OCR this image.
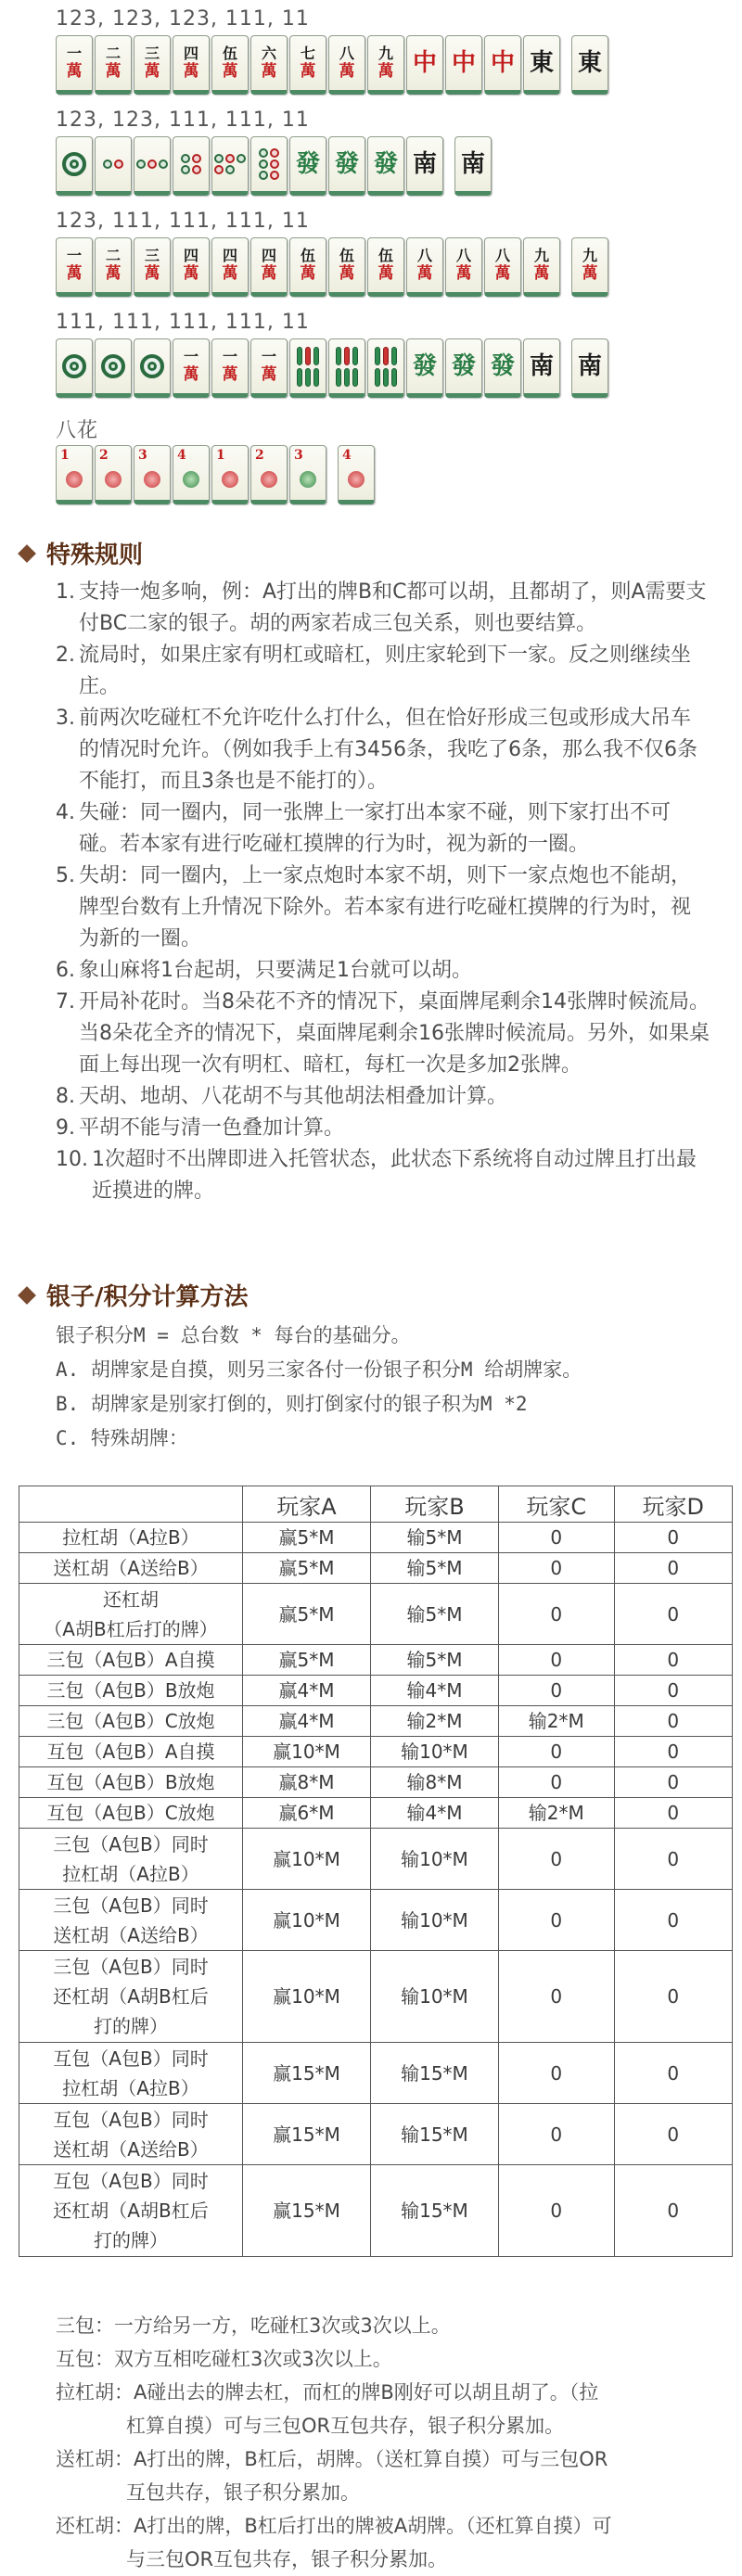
123, 123, 123, 111, 11
一
萬
二
萬
三
萬
四
萬
伍
萬
六
萬
七
萬
八
萬
九
萬 中 中 中 東 東
123, 123, 111, 111, 11
發 發 發 南 南
123, 111, 111, 111, 11
一
萬
二
萬
三
萬
四
萬
四
萬
四
萬
伍
萬
伍
萬
伍
萬
八
萬
八
萬
八
萬
九
萬
九
萬
111, 111, 111, 111, 11
一
萬
一
萬
一
萬	發 發 發 南 南
八花
1 2 3 4 1 2 3	4
特殊规则
1. 支持一炮多响，例：A打出的牌B和C都可以胡，且都胡了，则A需要支付BC二家的银子。胡的两家若成三包关系，则也要结算。
2. 流局时，如果庄家有明杠或暗杠，则庄家轮到下一家。反之则继续坐庄。
3. 前两次吃碰杠不允许吃什么打什么，但在恰好形成三包或形成大吊车的情况时允许。（例如我手上有3456条，我吃了6条，那么我不仅6条不能打，而且3条也是不能打的）。
4. 失碰：同一圈内，同一张牌上一家打出本家不碰，则下家打出不可碰。若本家有进行吃碰杠摸牌的行为时，视为新的一圈。
5. 失胡：同一圈内，上一家点炮时本家不胡，则下一家点炮也不能胡，牌型台数有上升情况下除外。若本家有进行吃碰杠摸牌的行为时，视为新的一圈。
6. 象山麻将1台起胡，只要满足1台就可以胡。
7. 开局补花时。当8朵花不齐的情况下，桌面牌尾剩余14张牌时候流局。当8朵花全齐的情况下，桌面牌尾剩余16张牌时候流局。另外，如果桌面上每出现一次有明杠、暗杠，每杠一次是多加2张牌。
8. 天胡、地胡、八花胡不与其他胡法相叠加计算。
9. 平胡不能与清一色叠加计算。
10. 1次超时不出牌即进入托管状态，此状态下系统将自动过牌且打出最近摸进的牌。
银子/积分计算方法
银子积分M = 总台数 * 每台的基础分。
A. 胡牌家是自摸，则另三家各付一份银子积分M 给胡牌家。
B. 胡牌家是别家打倒的，则打倒家付的银子积为M *2
C. 特殊胡牌：
	玩家A	玩家B	玩家C	玩家D
拉杠胡（A拉B）	赢5*M	输5*M	0	0
送杠胡（A送给B）	赢5*M	输5*M	0	0
还杠胡
（A胡B杠后打的牌）	赢5*M	输5*M	0	0
三包（A包B）A自摸	赢5*M	输5*M	0	0
三包（A包B）B放炮	赢4*M	输4*M	0	0
三包（A包B）C放炮	赢4*M	输2*M	输2*M	0
互包（A包B）A自摸	赢10*M	输10*M	0	0
互包（A包B）B放炮	赢8*M	输8*M	0	0
互包（A包B）C放炮	赢6*M	输4*M	输2*M	0
三包（A包B）同时
拉杠胡（A拉B）	赢10*M	输10*M	0	0
三包（A包B）同时
送杠胡（A送给B）	赢10*M	输10*M	0	0
三包（A包B）同时
还杠胡（A胡B杠后
打的牌）	赢10*M	输10*M	0	0
互包（A包B）同时
拉杠胡（A拉B）	赢15*M	输15*M	0	0
互包（A包B）同时
送杠胡（A送给B）	赢15*M	输15*M	0	0
互包（A包B）同时
还杠胡（A胡B杠后
打的牌）	赢15*M	输15*M	0	0
三包：一方给另一方，吃碰杠3次或3次以上。
互包：双方互相吃碰杠3次或3次以上。
拉杠胡：A碰出去的牌去杠，而杠的牌B刚好可以胡且胡了。（拉
杠算自摸）可与三包OR互包共存，银子积分累加。
送杠胡：A打出的牌，B杠后，胡牌。（送杠算自摸）可与三包OR
互包共存，银子积分累加。
还杠胡：A打出的牌，B杠后打出的牌被A胡牌。（还杠算自摸）可
与三包OR互包共存，银子积分累加。
